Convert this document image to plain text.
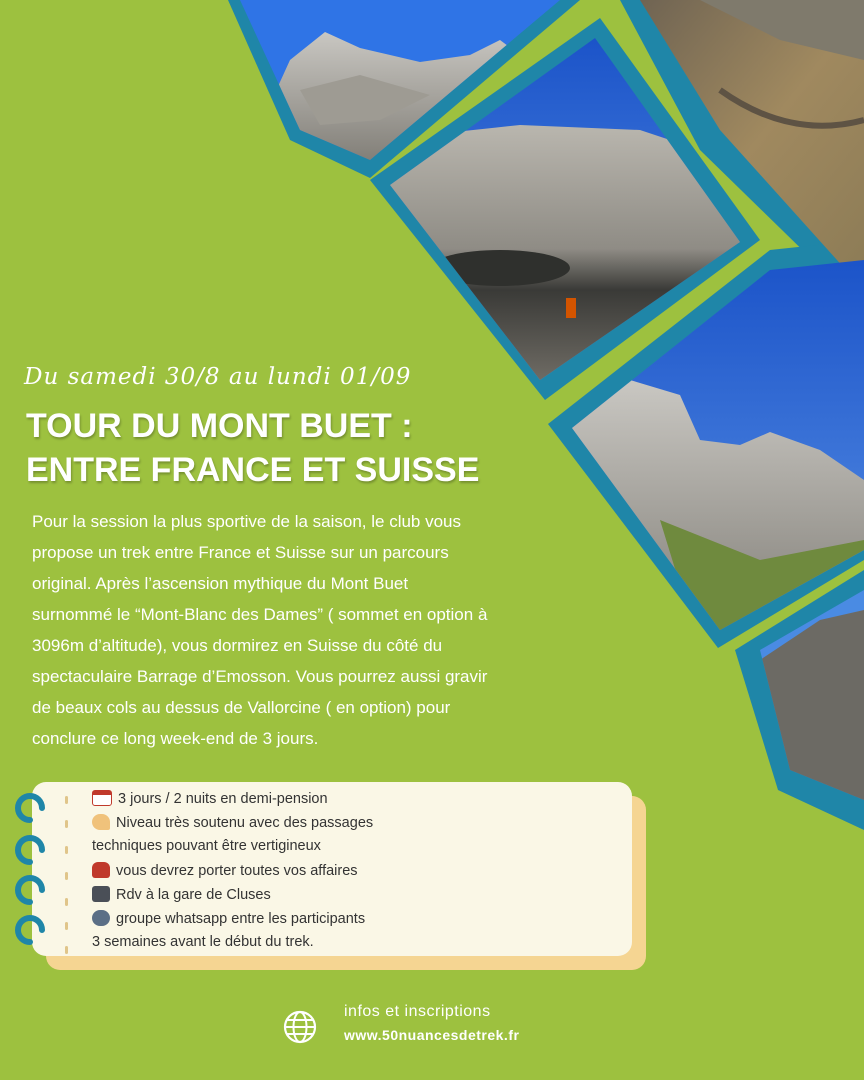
Du samedi 30/8 au lundi 01/09
TOUR DU MONT BUET :
ENTRE FRANCE ET SUISSE
Pour la session la plus sportive de la saison, le club vous
propose un trek entre France et Suisse sur un parcours
original. Après l’ascension mythique du Mont Buet
surnommé le “Mont-Blanc des Dames” ( sommet en option à
3096m d’altitude), vous dormirez en Suisse du côté du
spectaculaire Barrage d’Emosson. Vous pourrez aussi gravir
de beaux cols au dessus de Vallorcine ( en option) pour
conclure ce long week-end de 3 jours.
3 jours / 2 nuits en demi-pension
Niveau très soutenu avec des passages
techniques pouvant être vertigineux
vous devrez porter toutes vos affaires
Rdv à la gare de Cluses
groupe whatsapp entre les participants
3 semaines avant le début du trek.
infos et inscriptions
www.50nuancesdetrek.fr
